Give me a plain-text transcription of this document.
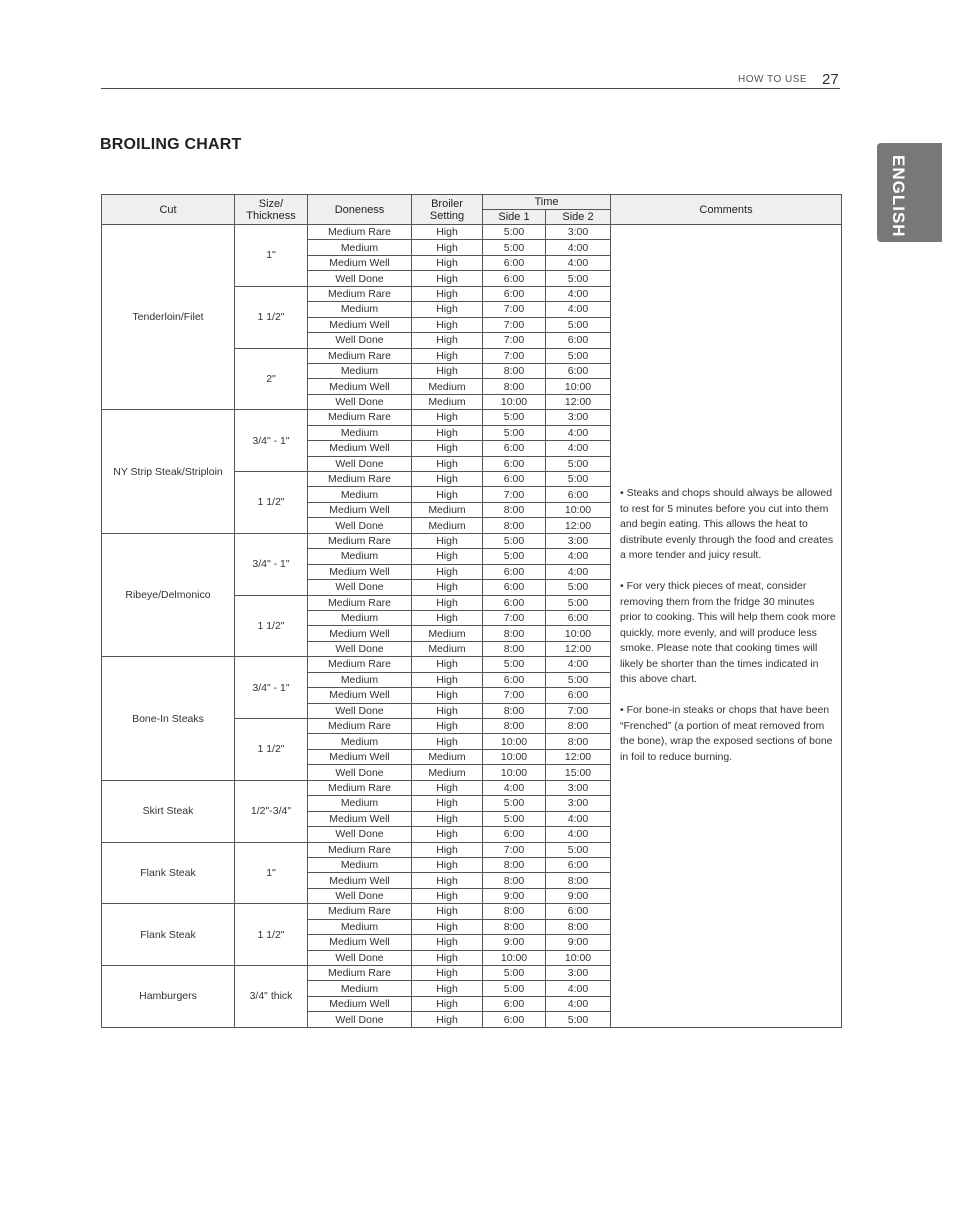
HOW TO USE 27
ENGLISH
BROILING CHART
Cut	Size/
Thickness	Doneness	Broiler
Setting	Time		Comments
				Side 1	Side 2	
Tenderloin/Filet	1"	Medium Rare	High	5:00	3:00	• Steaks and chops should always be allowed to rest for 5 minutes before you cut into them and begin eating. This allows the heat to distribute evenly through the food and creates a more tender and juicy result.
• For very thick pieces of meat, consider removing them from the fridge 30 minutes prior to cooking. This will help them cook more quickly, more evenly, and will produce less smoke. Please note that cooking times will likely be shorter than the times indicated in this above chart.
• For bone-in steaks or chops that have been “Frenched” (a portion of meat removed from the bone), wrap the exposed sections of bone in foil to reduce burning.

		Medium	High	5:00	4:00	
		Medium Well	High	6:00	4:00	
		Well Done	High	6:00	5:00	
	1 1/2"	Medium Rare	High	6:00	4:00	
		Medium	High	7:00	4:00	
		Medium Well	High	7:00	5:00	
		Well Done	High	7:00	6:00	
	2"	Medium Rare	High	7:00	5:00	
		Medium	High	8:00	6:00	
		Medium Well	Medium	8:00	10:00	
		Well Done	Medium	10:00	12:00	
NY Strip Steak/Striploin	3/4" - 1"	Medium Rare	High	5:00	3:00	
		Medium	High	5:00	4:00	
		Medium Well	High	6:00	4:00	
		Well Done	High	6:00	5:00	
	1 1/2"	Medium Rare	High	6:00	5:00	
		Medium	High	7:00	6:00	
		Medium Well	Medium	8:00	10:00	
		Well Done	Medium	8:00	12:00	
Ribeye/Delmonico	3/4" - 1"	Medium Rare	High	5:00	3:00	
		Medium	High	5:00	4:00	
		Medium Well	High	6:00	4:00	
		Well Done	High	6:00	5:00	
	1 1/2"	Medium Rare	High	6:00	5:00	
		Medium	High	7:00	6:00	
		Medium Well	Medium	8:00	10:00	
		Well Done	Medium	8:00	12:00	
Bone-In Steaks	3/4" - 1"	Medium Rare	High	5:00	4:00	
		Medium	High	6:00	5:00	
		Medium Well	High	7:00	6:00	
		Well Done	High	8:00	7:00	
	1 1/2"	Medium Rare	High	8:00	8:00	
		Medium	High	10:00	8:00	
		Medium Well	Medium	10:00	12:00	
		Well Done	Medium	10:00	15:00	
Skirt Steak	1/2"-3/4"	Medium Rare	High	4:00	3:00	
		Medium	High	5:00	3:00	
		Medium Well	High	5:00	4:00	
		Well Done	High	6:00	4:00	
Flank Steak	1"	Medium Rare	High	7:00	5:00	
		Medium	High	8:00	6:00	
		Medium Well	High	8:00	8:00	
		Well Done	High	9:00	9:00	
Flank Steak	1 1/2"	Medium Rare	High	8:00	6:00	
		Medium	High	8:00	8:00	
		Medium Well	High	9:00	9:00	
		Well Done	High	10:00	10:00	
Hamburgers	3/4" thick	Medium Rare	High	5:00	3:00	
		Medium	High	5:00	4:00	
		Medium Well	High	6:00	4:00	
		Well Done	High	6:00	5:00	
